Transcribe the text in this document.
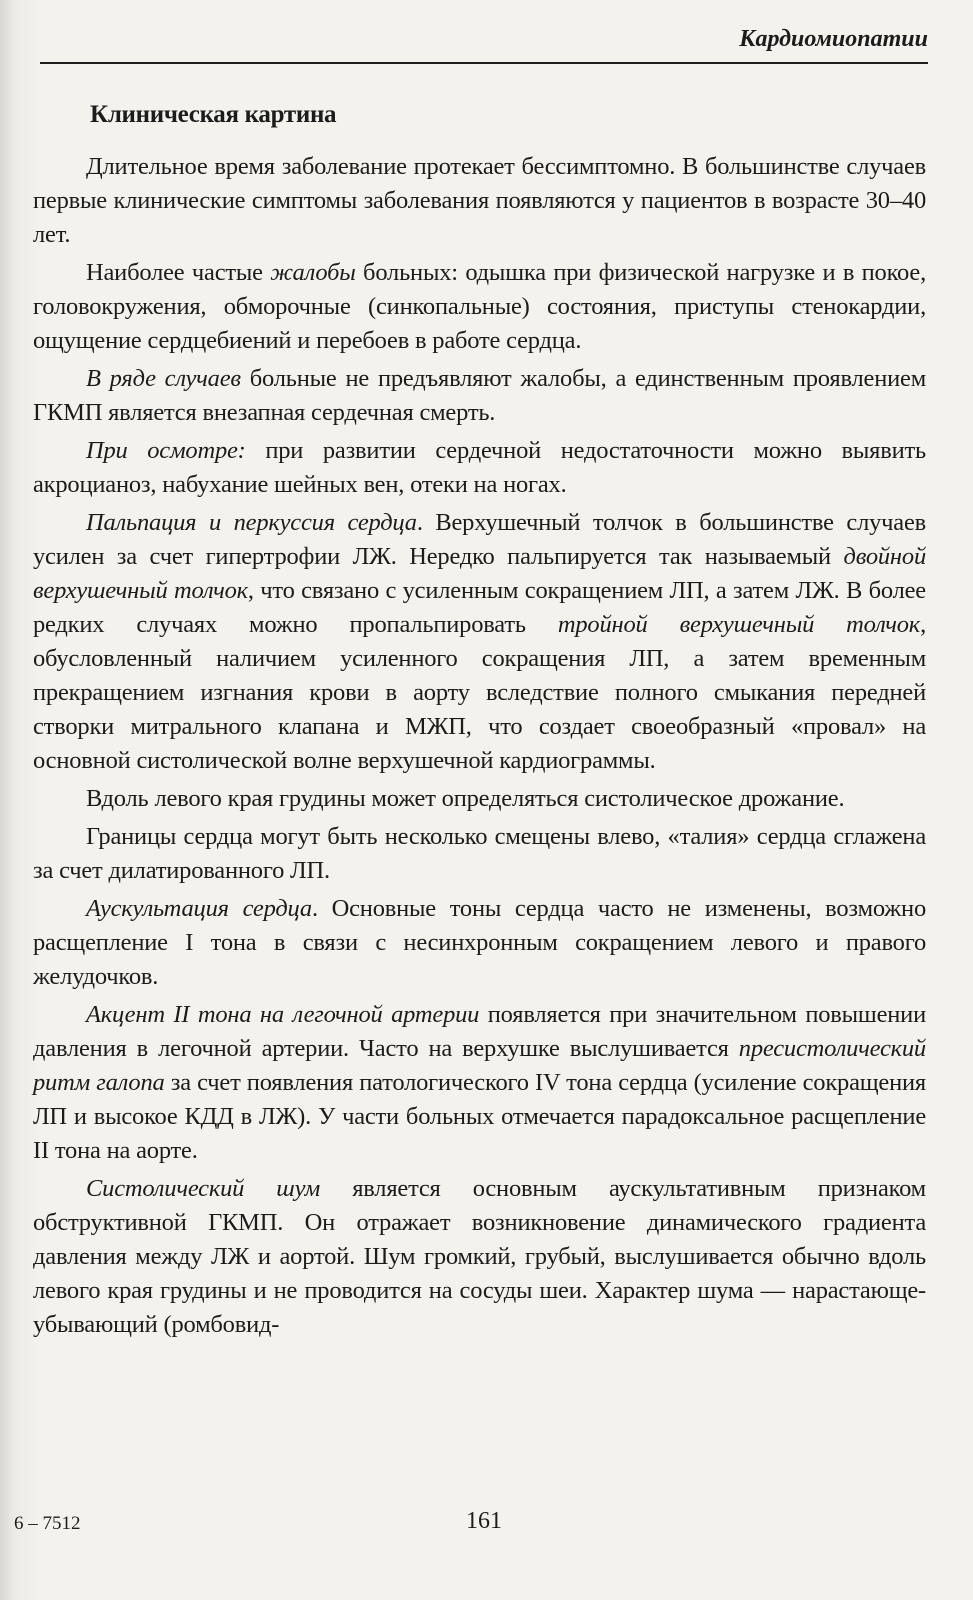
Кардиомиопатии
Клиническая картина

Длительное время заболевание протекает бессимптомно. В большинстве случаев первые клинические симптомы заболевания появляются у пациентов в возрасте 30–40 лет.

Наиболее частые жалобы больных: одышка при физической нагрузке и в покое, головокружения, обморочные (синкопальные) состояния, приступы стенокардии, ощущение сердцебиений и перебоев в работе сердца.

В ряде случаев больные не предъявляют жалобы, а единственным проявлением ГКМП является внезапная сердечная смерть.

При осмотре: при развитии сердечной недостаточности можно выявить акроцианоз, набухание шейных вен, отеки на ногах.

Пальпация и перкуссия сердца. Верхушечный толчок в большинстве случаев усилен за счет гипертрофии ЛЖ. Нередко пальпируется так называемый двойной верхушечный толчок, что связано с усиленным сокращением ЛП, а затем ЛЖ. В более редких случаях можно пропальпировать тройной верхушечный толчок, обусловленный наличием усиленного сокращения ЛП, а затем временным прекращением изгнания крови в аорту вследствие полного смыкания передней створки митрального клапана и МЖП, что создает своеобразный «провал» на основной систолической волне верхушечной кардиограммы.

Вдоль левого края грудины может определяться систолическое дрожание.

Границы сердца могут быть несколько смещены влево, «талия» сердца сглажена за счет дилатированного ЛП.

Аускультация сердца. Основные тоны сердца часто не изменены, возможно расщепление I тона в связи с несинхронным сокращением левого и правого желудочков.

Акцент II тона на легочной артерии появляется при значительном повышении давления в легочной артерии. Часто на верхушке выслушивается пресистолический ритм галопа за счет появления патологического IV тона сердца (усиление сокращения ЛП и высокое КДД в ЛЖ). У части больных отмечается парадоксальное расщепление II тона на аорте.

Систолический шум является основным аускультативным признаком обструктивной ГКМП. Он отражает возникновение динамического градиента давления между ЛЖ и аортой. Шум громкий, грубый, выслушивается обычно вдоль левого края грудины и не проводится на сосуды шеи. Характер шума — нарастающе-убывающий (ромбовид-

6 – 7512	161
